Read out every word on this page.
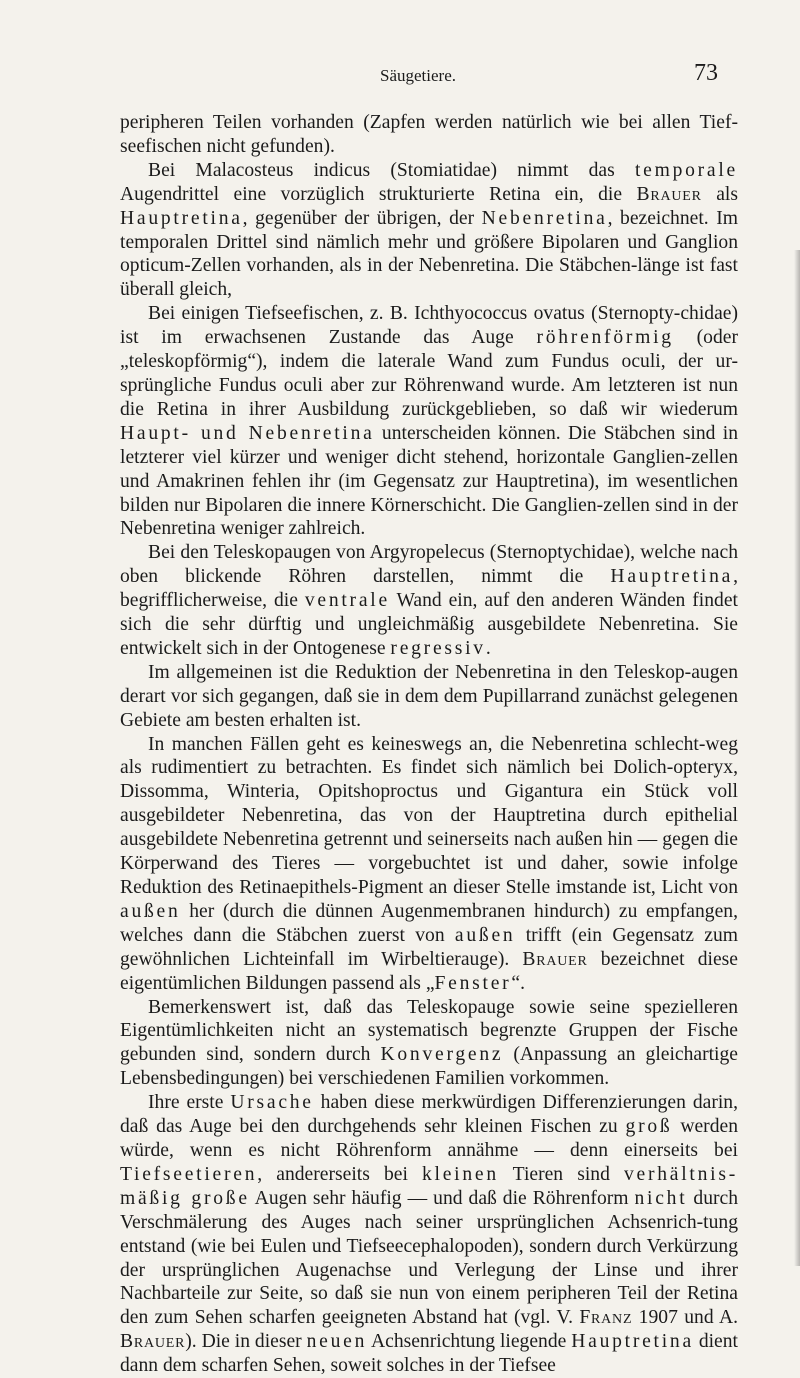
Säugetiere.	73

peripheren Teilen vorhanden (Zapfen werden natürlich wie bei allen Tief-seefischen nicht gefunden).

Bei Malacosteus indicus (Stomiatidae) nimmt das temporale Augendrittel eine vorzüglich strukturierte Retina ein, die Brauer als Hauptretina, gegenüber der übrigen, der Nebenretina, bezeichnet. Im temporalen Drittel sind nämlich mehr und größere Bipolaren und Ganglion opticum-Zellen vorhanden, als in der Nebenretina. Die Stäbchen-länge ist fast überall gleich,

Bei einigen Tiefseefischen, z. B. Ichthyococcus ovatus (Sternopty-chidae) ist im erwachsenen Zustande das Auge röhrenförmig (oder „teleskopförmig“), indem die laterale Wand zum Fundus oculi, der ur-sprüngliche Fundus oculi aber zur Röhrenwand wurde. Am letzteren ist nun die Retina in ihrer Ausbildung zurückgeblieben, so daß wir wiederum Haupt- und Nebenretina unterscheiden können. Die Stäbchen sind in letzterer viel kürzer und weniger dicht stehend, horizontale Ganglien-zellen und Amakrinen fehlen ihr (im Gegensatz zur Hauptretina), im wesentlichen bilden nur Bipolaren die innere Körnerschicht. Die Ganglien-zellen sind in der Nebenretina weniger zahlreich.

Bei den Teleskopaugen von Argyropelecus (Sternoptychidae), welche nach oben blickende Röhren darstellen, nimmt die Hauptretina, begrifflicherweise, die ventrale Wand ein, auf den anderen Wänden findet sich die sehr dürftig und ungleichmäßig ausgebildete Nebenretina. Sie entwickelt sich in der Ontogenese regressiv.

Im allgemeinen ist die Reduktion der Nebenretina in den Teleskop-augen derart vor sich gegangen, daß sie in dem dem Pupillarrand zunächst gelegenen Gebiete am besten erhalten ist.

In manchen Fällen geht es keineswegs an, die Nebenretina schlecht-weg als rudimentiert zu betrachten. Es findet sich nämlich bei Dolich-opteryx, Dissomma, Winteria, Opitshoproctus und Gigantura ein Stück voll ausgebildeter Nebenretina, das von der Hauptretina durch epithelial ausgebildete Nebenretina getrennt und seinerseits nach außen hin — gegen die Körperwand des Tieres — vorgebuchtet ist und daher, sowie infolge Reduktion des Retinaepithels-Pigment an dieser Stelle imstande ist, Licht von außen her (durch die dünnen Augenmembranen hindurch) zu empfangen, welches dann die Stäbchen zuerst von außen trifft (ein Gegensatz zum gewöhnlichen Lichteinfall im Wirbeltierauge). Brauer bezeichnet diese eigentümlichen Bildungen passend als „Fenster“.

Bemerkenswert ist, daß das Teleskopauge sowie seine spezielleren Eigentümlichkeiten nicht an systematisch begrenzte Gruppen der Fische gebunden sind, sondern durch Konvergenz (Anpassung an gleichartige Lebensbedingungen) bei verschiedenen Familien vorkommen.

Ihre erste Ursache haben diese merkwürdigen Differenzierungen darin, daß das Auge bei den durchgehends sehr kleinen Fischen zu groß werden würde, wenn es nicht Röhrenform annähme — denn einerseits bei Tiefseetieren, andererseits bei kleinen Tieren sind verhältnis-mäßig große Augen sehr häufig — und daß die Röhrenform nicht durch Verschmälerung des Auges nach seiner ursprünglichen Achsenrich-tung entstand (wie bei Eulen und Tiefseecephalopoden), sondern durch Verkürzung der ursprünglichen Augenachse und Verlegung der Linse und ihrer Nachbarteile zur Seite, so daß sie nun von einem peripheren Teil der Retina den zum Sehen scharfen geeigneten Abstand hat (vgl. V. Franz 1907 und A. Brauer). Die in dieser neuen Achsenrichtung liegende Hauptretina dient dann dem scharfen Sehen, soweit solches in der Tiefsee
